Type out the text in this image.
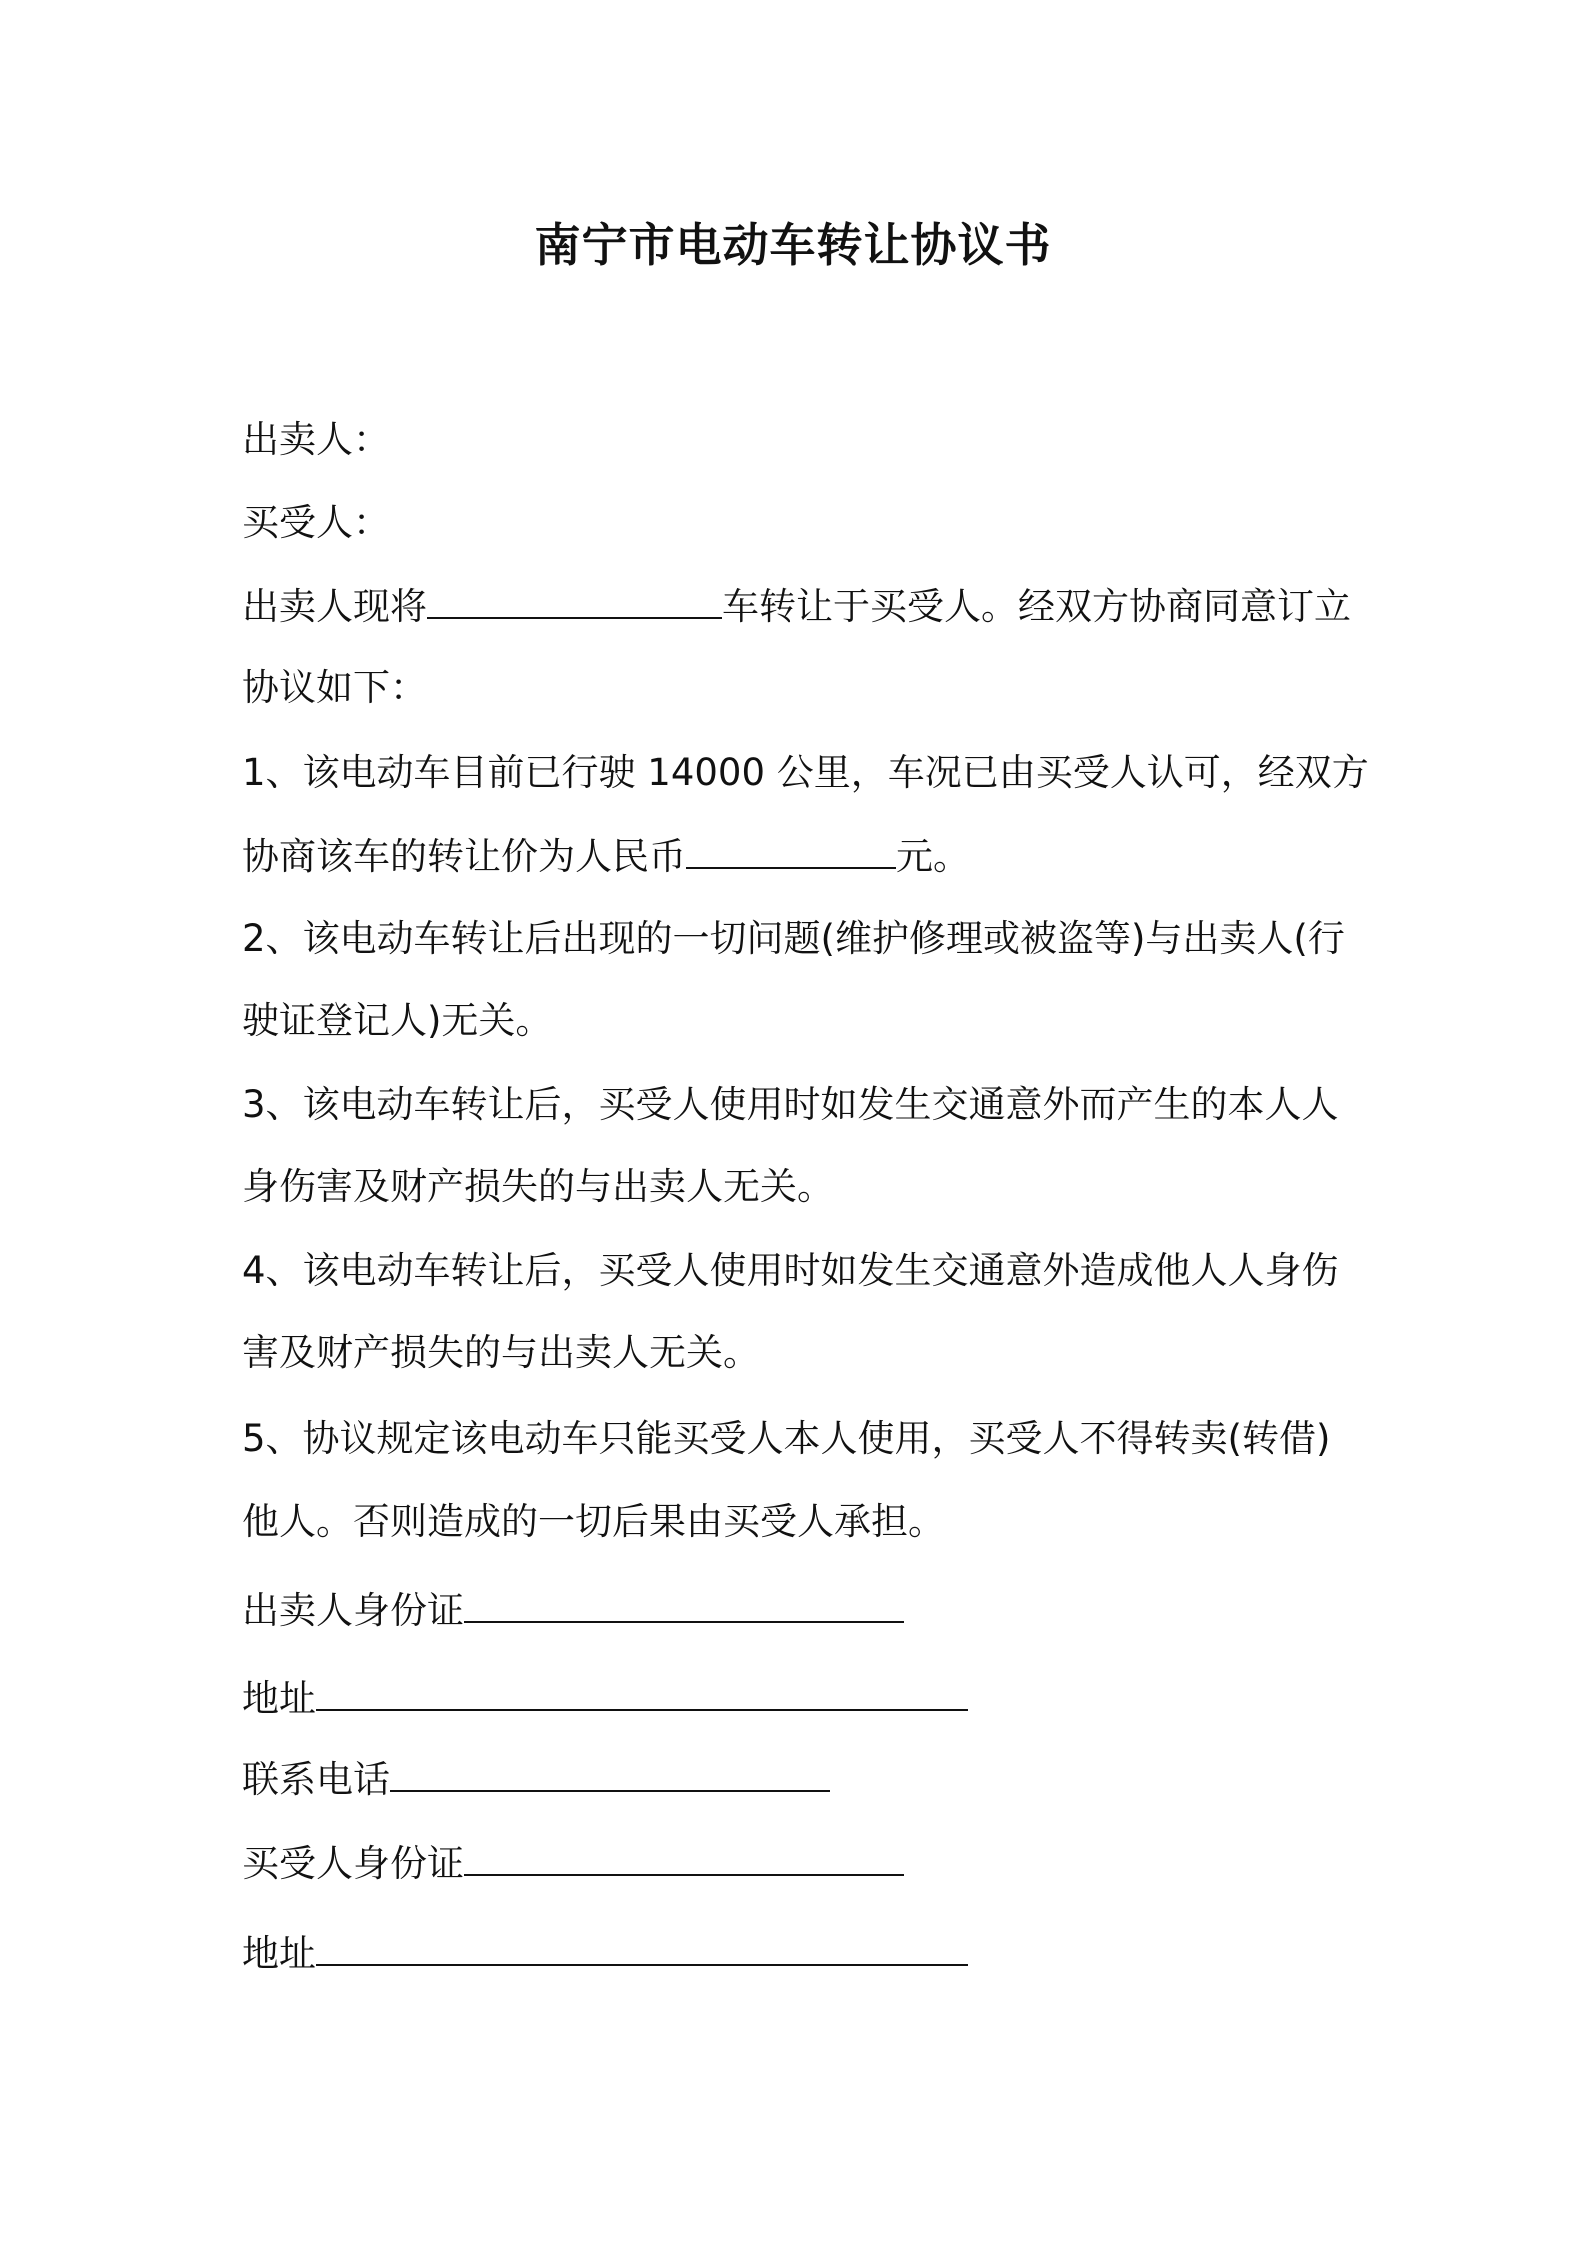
南宁市电动车转让协议书
出卖人：
买受人：
出卖人现将	车转让于买受人。经双方协商同意订立
协议如下：
1、该电动车目前已行驶 14000 公里，车况已由买受人认可，经双方
协商该车的转让价为人民币	元。
2、该电动车转让后出现的一切问题(维护修理或被盗等)与出卖人(行
驶证登记人)无关。
3、该电动车转让后，买受人使用时如发生交通意外而产生的本人人
身伤害及财产损失的与出卖人无关。
4、该电动车转让后，买受人使用时如发生交通意外造成他人人身伤
害及财产损失的与出卖人无关。
5、协议规定该电动车只能买受人本人使用，买受人不得转卖(转借)
他人。否则造成的一切后果由买受人承担。
出卖人身份证
地址
联系电话
买受人身份证
地址
